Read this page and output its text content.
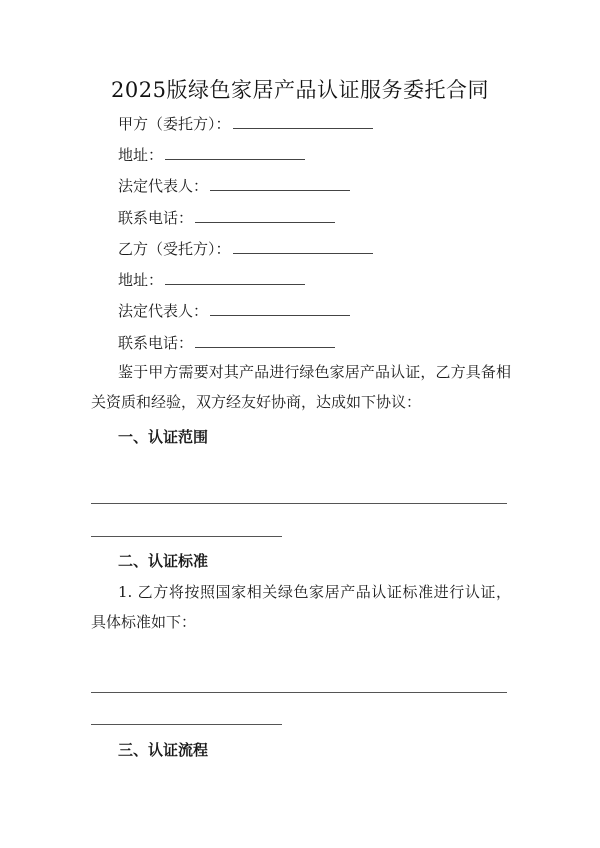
2025版绿色家居产品认证服务委托合同
甲方（委托方）：
地址：
法定代表人：
联系电话：
乙方（受托方）：
地址：
法定代表人：
联系电话：
鉴于甲方需要对其产品进行绿色家居产品认证，乙方具备相关资质和经验，双方经友好协商，达成如下协议：
一、认证范围
二、认证标准
1. 乙方将按照国家相关绿色家居产品认证标准进行认证，具体标准如下：
三、认证流程
